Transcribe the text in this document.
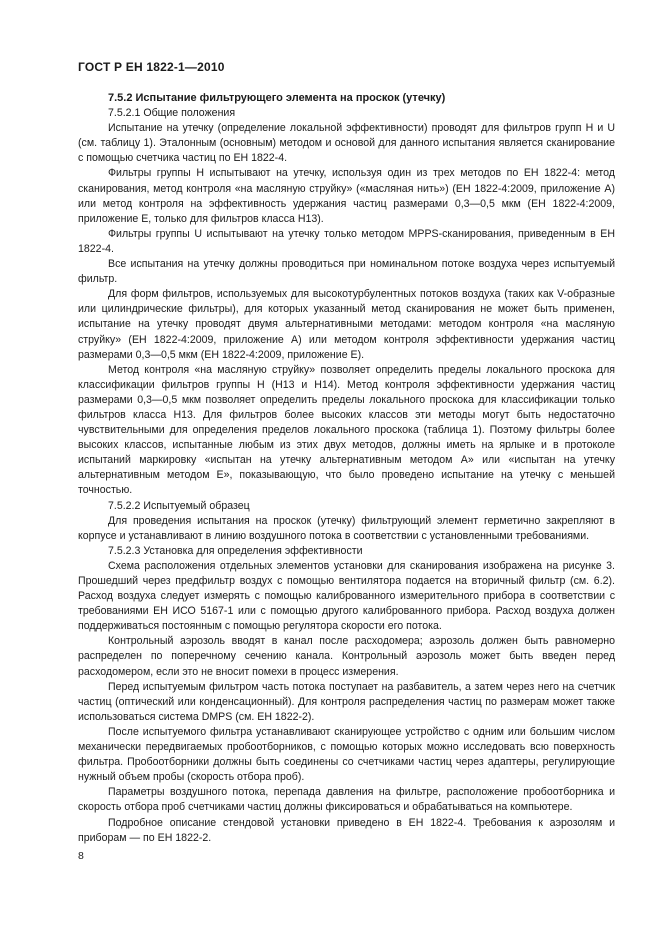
ГОСТ Р ЕН 1822-1—2010

7.5.2 Испытание фильтрующего элемента на проскок (утечку)

7.5.2.1 Общие положения

Испытание на утечку (определение локальной эффективности) проводят для фильтров групп H и U (см. таблицу 1). Эталонным (основным) методом и основой для данного испытания является сканирование с помощью счетчика частиц по ЕН 1822-4.

Фильтры группы H испытывают на утечку, используя один из трех методов по ЕН 1822-4: метод сканирования, метод контроля «на масляную струйку» («масляная нить») (ЕН 1822-4:2009, приложение А) или метод контроля на эффективность удержания частиц размерами 0,3—0,5 мкм (ЕН 1822-4:2009, приложение Е, только для фильтров класса Н13).

Фильтры группы U испытывают на утечку только методом MPPS-сканирования, приведенным в ЕН 1822-4.

Все испытания на утечку должны проводиться при номинальном потоке воздуха через испытуемый фильтр.

Для форм фильтров, используемых для высокотурбулентных потоков воздуха (таких как V-образные или цилиндрические фильтры), для которых указанный метод сканирования не может быть применен, испытание на утечку проводят двумя альтернативными методами: методом контроля «на масляную струйку» (ЕН 1822-4:2009, приложение А) или методом контроля эффективности удержания частиц размерами 0,3—0,5 мкм (ЕН 1822-4:2009, приложение Е).

Метод контроля «на масляную струйку» позволяет определить пределы локального проскока для классификации фильтров группы H (H13 и H14). Метод контроля эффективности удержания частиц размерами 0,3—0,5 мкм позволяет определить пределы локального проскока для классификации только фильтров класса H13. Для фильтров более высоких классов эти методы могут быть недостаточно чувствительными для определения пределов локального проскока (таблица 1). Поэтому фильтры более высоких классов, испытанные любым из этих двух методов, должны иметь на ярлыке и в протоколе испытаний маркировку «испытан на утечку альтернативным методом А» или «испытан на утечку альтернативным методом Е», показывающую, что было проведено испытание на утечку с меньшей точностью.

7.5.2.2 Испытуемый образец

Для проведения испытания на проскок (утечку) фильтрующий элемент герметично закрепляют в корпусе и устанавливают в линию воздушного потока в соответствии с установленными требованиями.

7.5.2.3 Установка для определения эффективности

Схема расположения отдельных элементов установки для сканирования изображена на рисунке 3. Прошедший через предфильтр воздух с помощью вентилятора подается на вторичный фильтр (см. 6.2). Расход воздуха следует измерять с помощью калиброванного измерительного прибора в соответствии с требованиями ЕН ИСО 5167-1 или с помощью другого калиброванного прибора. Расход воздуха должен поддерживаться постоянным с помощью регулятора скорости его потока.

Контрольный аэрозоль вводят в канал после расходомера; аэрозоль должен быть равномерно распределен по поперечному сечению канала. Контрольный аэрозоль может быть введен перед расходомером, если это не вносит помехи в процесс измерения.

Перед испытуемым фильтром часть потока поступает на разбавитель, а затем через него на счетчик частиц (оптический или конденсационный). Для контроля распределения частиц по размерам может также использоваться система DMPS (см. ЕН 1822-2).

После испытуемого фильтра устанавливают сканирующее устройство с одним или большим числом механически передвигаемых пробоотборников, с помощью которых можно исследовать всю поверхность фильтра. Пробоотборники должны быть соединены со счетчиками частиц через адаптеры, регулирующие нужный объем пробы (скорость отбора проб).

Параметры воздушного потока, перепада давления на фильтре, расположение пробоотборника и скорость отбора проб счетчиками частиц должны фиксироваться и обрабатываться на компьютере.

Подробное описание стендовой установки приведено в ЕН 1822-4. Требования к аэрозолям и приборам — по ЕН 1822-2.

8
